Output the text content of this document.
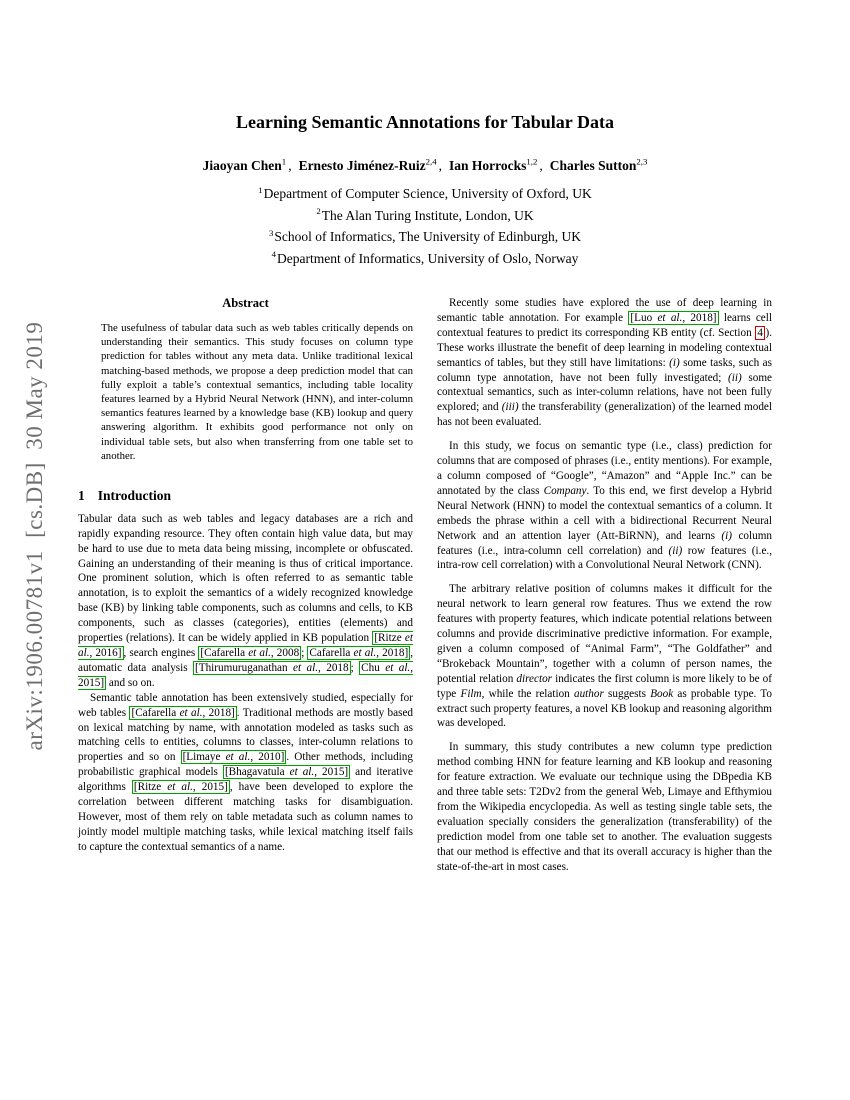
arXiv:1906.00781v1  [cs.DB]  30 May 2019
Learning Semantic Annotations for Tabular Data
Jiaoyan Chen$^1$ , Ernesto Jiménez-Ruiz$^{2,4}$ , Ian Horrocks$^{1,2}$ , Charles Sutton$^{2,3}$
$^1$Department of Computer Science, University of Oxford, UK
$^2$The Alan Turing Institute, London, UK
$^3$School of Informatics, The University of Edinburgh, UK
$^4$Department of Informatics, University of Oslo, Norway
Abstract
The usefulness of tabular data such as web tables critically depends on understanding their semantics. This study focuses on column type prediction for tables without any meta data. Unlike traditional lexical matching-based methods, we propose a deep prediction model that can fully exploit a table’s contextual semantics, including table locality features learned by a Hybrid Neural Network (HNN), and inter-column semantics features learned by a knowledge base (KB) lookup and query answering algorithm. It exhibits good performance not only on individual table sets, but also when transferring from one table set to another.
1 Introduction

Tabular data such as web tables and legacy databases are a rich and rapidly expanding resource. They often contain high value data, but may be hard to use due to meta data being missing, incomplete or obfuscated. Gaining an understanding of their meaning is thus of critical importance. One prominent solution, which is often referred to as semantic table annotation, is to exploit the semantics of a widely recognized knowledge base (KB) by linking table components, such as columns and cells, to KB components, such as classes (categories), entities (elements) and properties (relations). It can be widely applied in KB population [Ritze et al., 2016] , search engines [Cafarella et al., 2008 ; Cafarella et al., 2018] , automatic data analysis [Thirumuruganathan et al., 2018 ; Chu et al., 2015] and so on.

Semantic table annotation has been extensively studied, especially for web tables [Cafarella et al., 2018] . Traditional methods are mostly based on lexical matching by name, with annotation modeled as tasks such as matching cells to entities, columns to classes, inter-column relations to properties and so on [Limaye et al., 2010] . Other methods, including probabilistic graphical models [Bhagavatula et al., 2015] and iterative algorithms [Ritze et al., 2015] , have been developed to explore the correlation between different matching tasks for disambiguation. However, most of them rely on table metadata such as column names to jointly model multiple matching tasks, while lexical matching itself fails to capture the contextual semantics of a name.

Recently some studies have explored the use of deep learning in semantic table annotation. For example [Luo et al., 2018] learns cell contextual features to predict its corresponding KB entity (cf. Section 4 ). These works illustrate the benefit of deep learning in modeling contextual semantics of tables, but they still have limitations: (i) some tasks, such as column type annotation, have not been fully investigated; (ii) some contextual semantics, such as inter-column relations, have not been fully explored; and (iii) the transferability (generalization) of the learned model has not been evaluated.

In this study, we focus on semantic type (i.e., class) prediction for columns that are composed of phrases (i.e., entity mentions). For example, a column composed of “Google”, “Amazon” and “Apple Inc.” can be annotated by the class Company. To this end, we first develop a Hybrid Neural Network (HNN) to model the contextual semantics of a column. It embeds the phrase within a cell with a bidirectional Recurrent Neural Network and an attention layer (Att-BiRNN), and learns (i) column features (i.e., intra-column cell correlation) and (ii) row features (i.e., intra-row cell correlation) with a Convolutional Neural Network (CNN).

The arbitrary relative position of columns makes it difficult for the neural network to learn general row features. Thus we extend the row features with property features, which indicate potential relations between columns and provide discriminative predictive information. For example, given a column composed of “Animal Farm”, “The Goldfather” and “Brokeback Mountain”, together with a column of person names, the potential relation director indicates the first column is more likely to be of type Film, while the relation author suggests Book as probable type. To extract such property features, a novel KB lookup and reasoning algorithm was developed.

In summary, this study contributes a new column type prediction method combing HNN for feature learning and KB lookup and reasoning for feature extraction. We evaluate our technique using the DBpedia KB and three table sets: T2Dv2 from the general Web, Limaye and Efthymiou from the Wikipedia encyclopedia. As well as testing single table sets, the evaluation specially considers the generalization (transferability) of the prediction model from one table set to another. The evaluation suggests that our method is effective and that its overall accuracy is higher than the state-of-the-art in most cases.
